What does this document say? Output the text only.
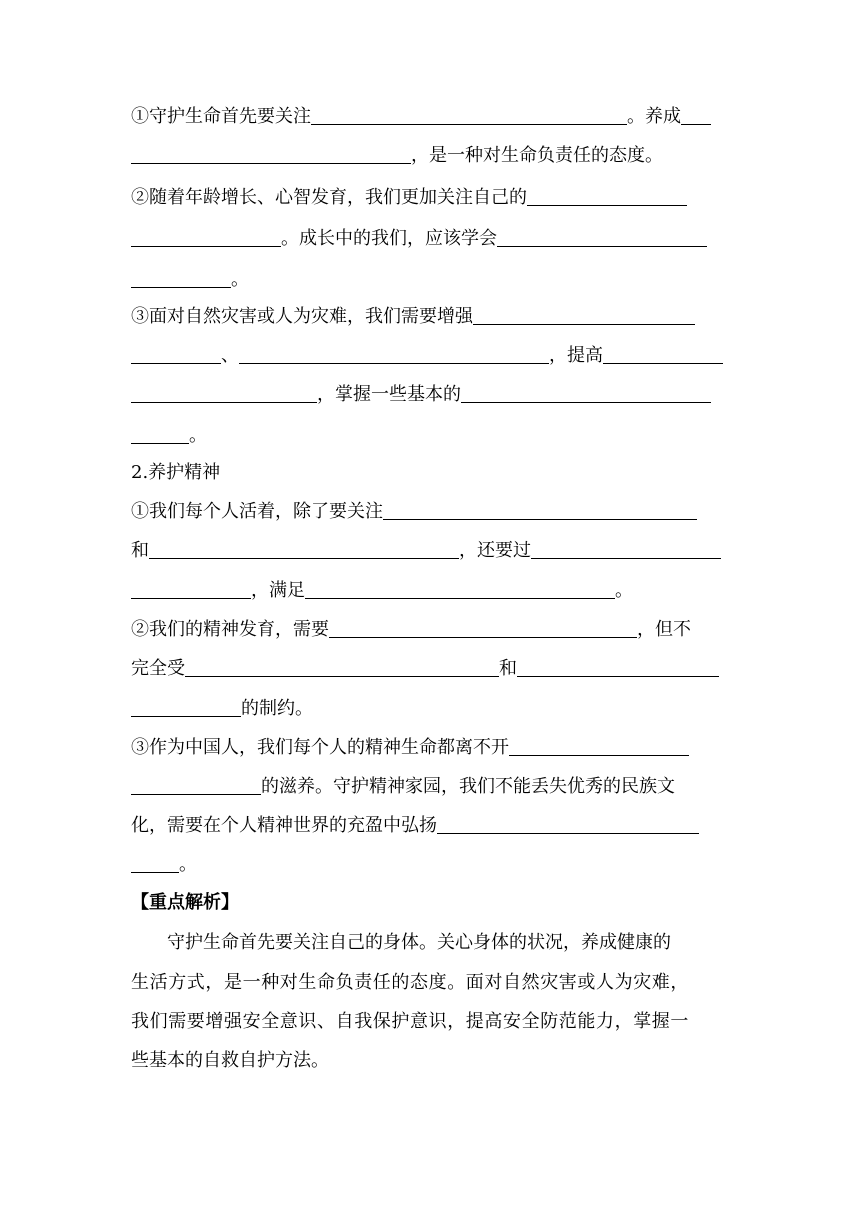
①守护生命首先要关注	。养成
，是一种对生命负责任的态度。
②随着年龄增长、心智发育，我们更加关注自己的
。成长中的我们，应该学会
。
③面对自然灾害或人为灾难，我们需要增强
、	，提高
，掌握一些基本的
。
2.养护精神
①我们每个人活着，除了要关注
和	，还要过
，满足	。
②我们的精神发育，需要	，但不
完全受	和
的制约。
③作为中国人，我们每个人的精神生命都离不开
的滋养。守护精神家园，我们不能丢失优秀的民族文
化，需要在个人精神世界的充盈中弘扬
。
【重点解析】
守护生命首先要关注自己的身体。关心身体的状况，养成健康的
生活方式，是一种对生命负责任的态度。面对自然灾害或人为灾难，
我们需要增强安全意识、自我保护意识，提高安全防范能力，掌握一
些基本的自救自护方法。
